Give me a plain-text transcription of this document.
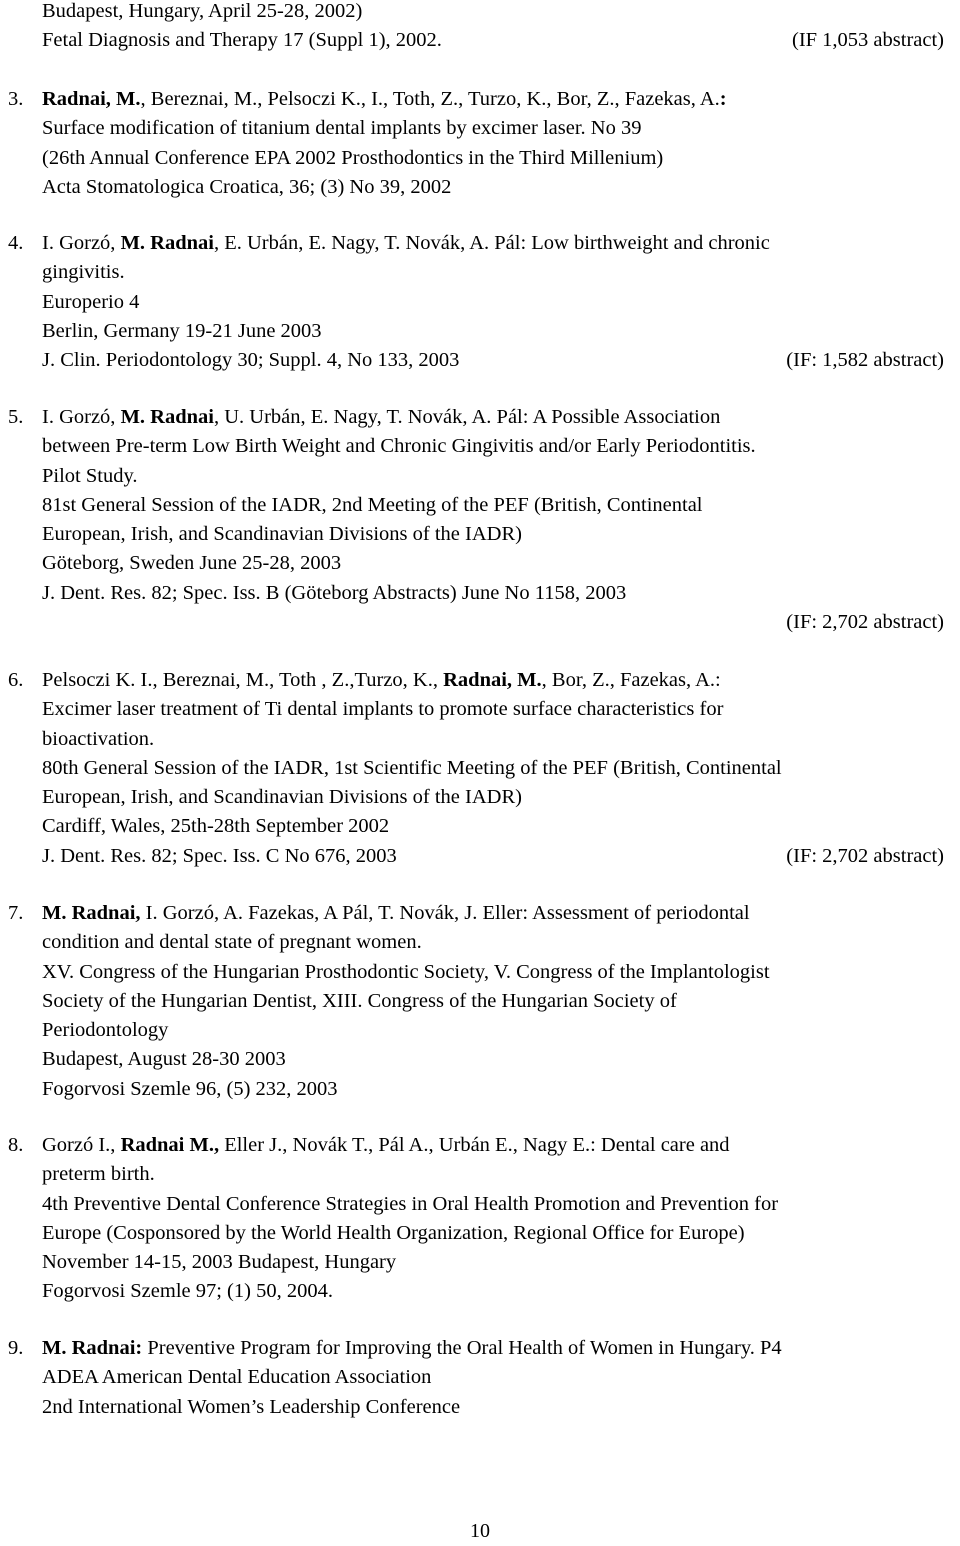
Budapest, Hungary, April 25-28, 2002)
Fetal Diagnosis and Therapy 17 (Suppl 1), 2002.	(IF 1,053 abstract)
3. Radnai, M., Bereznai, M., Pelsoczi K., I., Toth, Z., Turzo, K., Bor, Z., Fazekas, A.:
Surface modification of titanium dental implants by excimer laser. No 39
(26th Annual Conference EPA 2002 Prosthodontics in the Third Millenium)
Acta Stomatologica Croatica, 36; (3) No 39, 2002
4. I. Gorzó, M. Radnai, E. Urbán, E. Nagy, T. Novák, A. Pál: Low birthweight and chronic
gingivitis.
Europerio 4
Berlin, Germany 19-21 June 2003
J. Clin. Periodontology 30; Suppl. 4, No 133, 2003	(IF: 1,582 abstract)
5. I. Gorzó, M. Radnai, U. Urbán, E. Nagy, T. Novák, A. Pál: A Possible Association
between Pre-term Low Birth Weight and Chronic Gingivitis and/or Early Periodontitis.
Pilot Study.
81st General Session of the IADR, 2nd Meeting of the PEF (British, Continental
European, Irish, and Scandinavian Divisions of the IADR)
Göteborg, Sweden June 25-28, 2003
J. Dent. Res. 82; Spec. Iss. B (Göteborg Abstracts) June No 1158, 2003
(IF: 2,702 abstract)
6. Pelsoczi K. I., Bereznai, M., Toth , Z.,Turzo, K., Radnai, M., Bor, Z., Fazekas, A.:
Excimer laser treatment of Ti dental implants to promote surface characteristics for
bioactivation.
80th General Session of the IADR, 1st Scientific Meeting of the PEF (British, Continental
European, Irish, and Scandinavian Divisions of the IADR)
Cardiff, Wales, 25th-28th September 2002
J. Dent. Res. 82; Spec. Iss. C No 676, 2003	(IF: 2,702 abstract)
7. M. Radnai, I. Gorzó, A. Fazekas, A Pál, T. Novák, J. Eller: Assessment of periodontal
condition and dental state of pregnant women.
XV. Congress of the Hungarian Prosthodontic Society, V. Congress of the Implantologist
Society of the Hungarian Dentist, XIII. Congress of the Hungarian Society of
Periodontology
Budapest, August 28-30 2003
Fogorvosi Szemle 96, (5) 232, 2003
8. Gorzó I., Radnai M., Eller J., Novák T., Pál A., Urbán E., Nagy E.: Dental care and
preterm birth.
4th Preventive Dental Conference Strategies in Oral Health Promotion and Prevention for
Europe (Cosponsored by the World Health Organization, Regional Office for Europe)
November 14-15, 2003 Budapest, Hungary
Fogorvosi Szemle 97; (1) 50, 2004.
9. M. Radnai: Preventive Program for Improving the Oral Health of Women in Hungary. P4
ADEA American Dental Education Association
2nd International Women’s Leadership Conference
10
